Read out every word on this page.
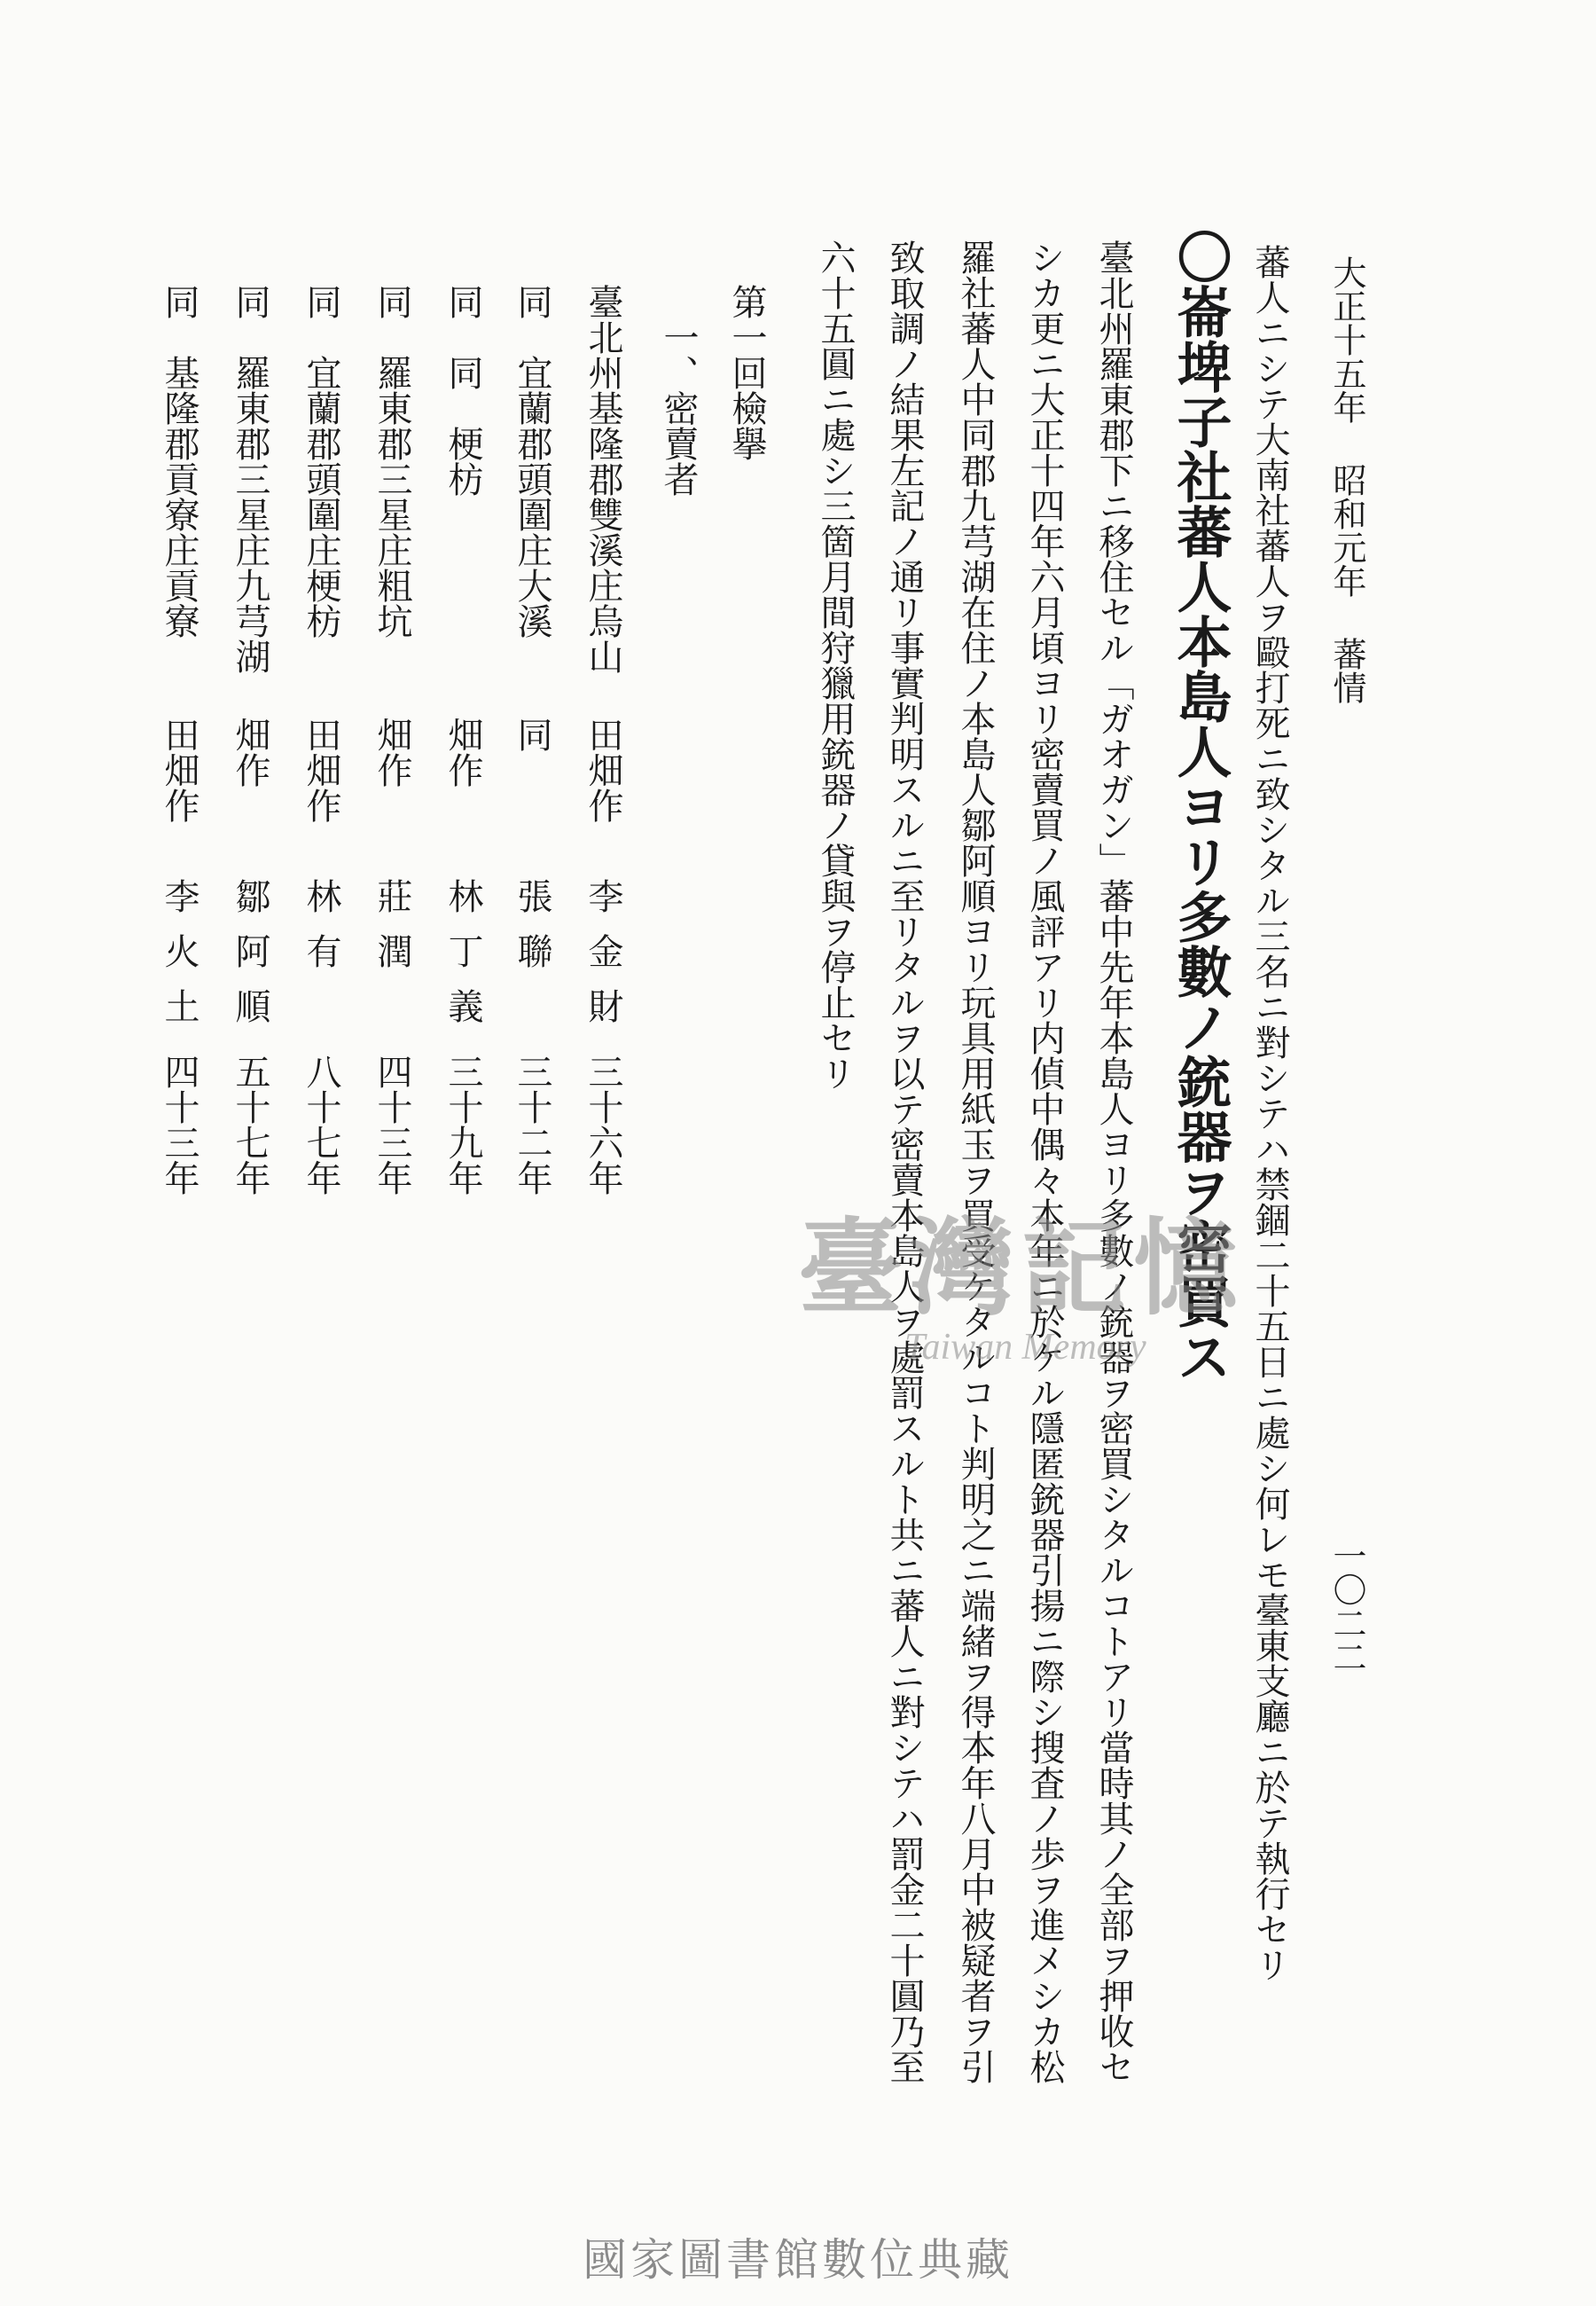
大正十五年 昭和元年 蕃情
一〇二二
蕃人ニシテ大南社蕃人ヲ毆打死ニ致シタル三名ニ對シテハ禁錮二十五日ニ處シ何レモ臺東支廳ニ於テ執行セリ
〇崙埤子社蕃人本島人ヨリ多數ノ銃器ヲ密買ス
臺北州羅東郡下ニ移住セル「ガオガン」蕃中先年本島人ヨリ多數ノ銃器ヲ密買シタルコトアリ當時其ノ全部ヲ押收セ
シカ更ニ大正十四年六月頃ヨリ密賣買ノ風評アリ内偵中偶々本年ニ於ケル隱匿銃器引揚ニ際シ搜査ノ歩ヲ進メシカ松
羅社蕃人中同郡九芎湖在住ノ本島人鄒阿順ヨリ玩具用紙玉ヲ買受ケタルコト判明之ニ端緒ヲ得本年八月中被疑者ヲ引
致取調ノ結果左記ノ通リ事實判明スルニ至リタルヲ以テ密賣本島人ヲ處罰スルト共ニ蕃人ニ對シテハ罰金二十圓乃至
六十五圓ニ處シ三箇月間狩獵用銃器ノ貸與ヲ停止セリ
第一回檢擧
一、密賣者
臺北州基隆郡雙溪庄烏山
田畑作
李金財
三十六年
同　宜蘭郡頭圍庄大溪
同
張聯
三十二年
同　同　梗枋
畑作
林丁義
三十九年
同　羅東郡三星庄粗坑
畑作
莊潤
四十三年
同　宜蘭郡頭圍庄梗枋
田畑作
林有
八十七年
同　羅東郡三星庄九芎湖
畑作
鄒阿順
五十七年
同　基隆郡貢寮庄貢寮
田畑作
李火土
四十三年
臺灣記憶
Taiwan Memory
國家圖書館數位典藏
